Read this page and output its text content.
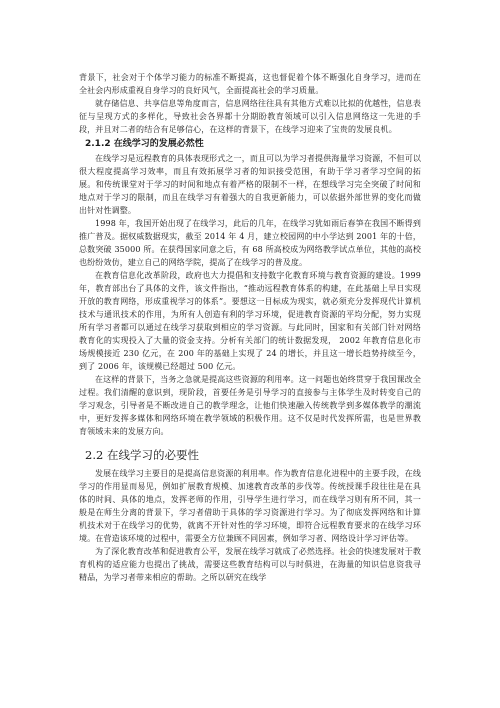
背景下，社会对于个体学习能力的标准不断提高，这也督促着个体不断强化自身学习，进而在全社会内形成重视自身学习的良好风气，全面提高社会的学习质量。

就存储信息、共享信息等角度而言，信息网络往往具有其他方式难以比拟的优越性，信息表征与呈现方式的多样化，导致社会各界都十分期盼教育领域可以引入信息网络这一先进的手段，并且对二者的结合有足够信心，在这样的背景下，在线学习迎来了宝贵的发展良机。

2.1.2 在线学习的发展必然性

在线学习是远程教育的具体表现形式之一，而且可以为学习者提供海量学习资源，不但可以很大程度提高学习效率，而且有效拓展学习者的知识接受范围，有助于学习者学习空间的拓展。和传统课堂对于学习的时间和地点有着严格的限制不一样，在想线学习完全突破了时间和地点对于学习的限制，而且在线学习有着强大的自我更新能力，可以依据外部世界的变化而做出针对性调整。

1998 年，我国开始出现了在线学习，此后的几年，在线学习犹如雨后春笋在我国不断得到推广普及。据权威数据现实，截至 2014 年 4 月，建立校园网的中小学达到 2001 年的十倍，总数突破 35000 所。在获得国家同意之后，有 68 所高校成为网络教学试点单位，其他的高校也纷纷效仿，建立自己的网络学院，提高了在线学习的普及度。

在教育信息化改革阶段，政府也大力提倡和支持数字化教育环境与教育资源的建设。1999 年，教育部出台了具体的文件，该文件指出，“推动远程教育体系的构建，在此基础上早日实现开放的教育网络，形成重视学习的体系”。要想这一目标成为现实，就必须充分发挥现代计算机技术与通讯技术的作用，为所有人创造有利的学习环境，促进教育资源的平均分配，努力实现所有学习者都可以通过在线学习获取到相应的学习资源。与此同时，国家和有关部门针对网络教育化的实现投入了大量的资金支持。分析有关部门的统计数据发现， 2002 年教育信息化市场规模接近 230 亿元，在 200 年的基础上实现了 24 的增长，并且这一增长趋势持续至今，到了 2006 年，该规模已经超过 500 亿元。

在这样的背景下，当务之急就是提高这些资源的利用率。这一问题也始终贯穿于我国课改全过程。我们清醒的意识到，现阶段，首要任务是引导学习的直接参与主体学生及时转变自己的学习观念，引导者是不断改进自己的教学理念，让他们快速融入传统教学到多媒体教学的潮流中，更好发挥多媒体和网络环境在教学领域的积极作用。这不仅是时代发挥所需，也是世界教育领域未来的发展方向。

2.2 在线学习的必要性

发展在线学习主要目的是提高信息资源的利用率。作为教育信息化进程中的主要手段，在线学习的作用显而易见，例如扩展教育规模、加速教育改革的步伐等。传统授课手段往往是在具体的时间、具体的地点，发挥老师的作用，引导学生进行学习，而在线学习则有所不同，其一般是在师生分离的背景下，学习者借助于具体的学习资源进行学习。为了彻底发挥网络和计算机技术对于在线学习的优势，就离不开针对性的学习环境，即符合远程教育要求的在线学习环境。在营造该环境的过程中，需要全方位兼顾不同因素，例如学习者、网络设计学习评估等。

为了深化教育改革和促进教育公平，发展在线学习就成了必然选择。社会的快速发展对于教育机构的适应能力也提出了挑战，需要这些教育结构可以与时俱进，在海量的知识信息资我寻精品，为学习者带来相应的帮助。之所以研究在线学
